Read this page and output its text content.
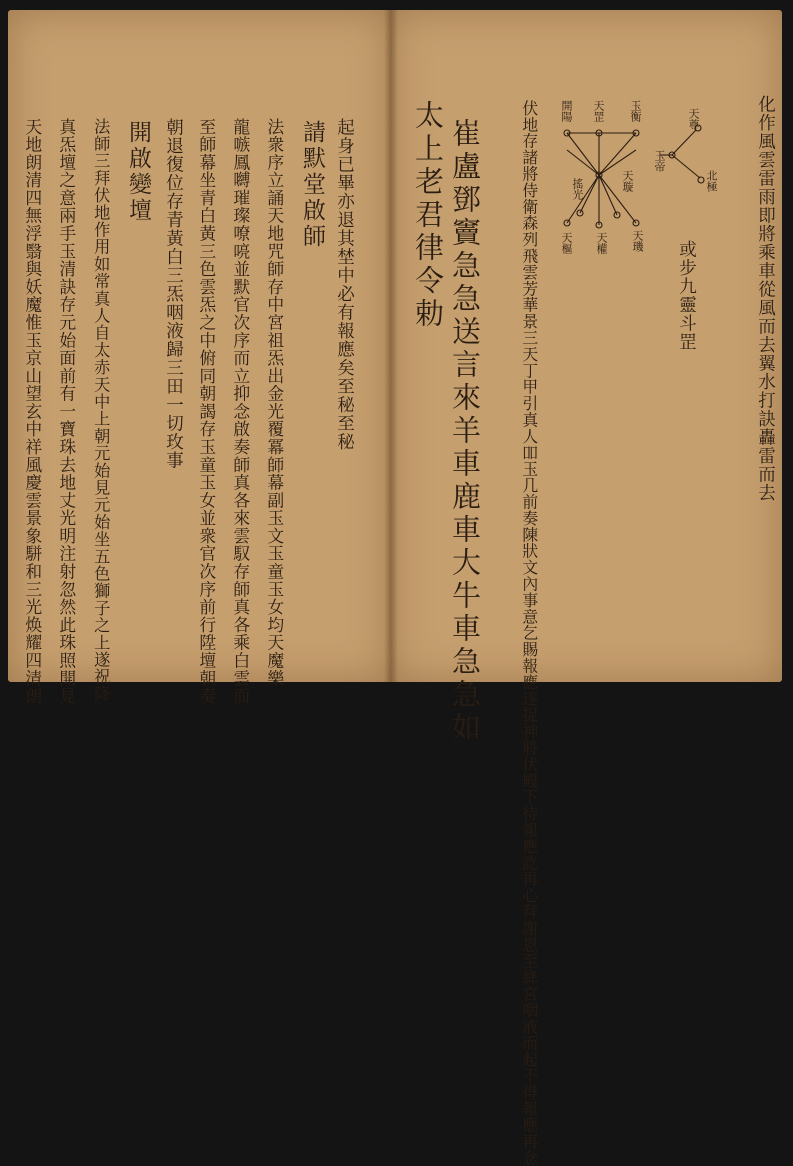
化作風雲雷雨即將乘車從風而去翼水打訣轟雷而去
天尊
玉帝
北極
開陽 天罡 玉衡
搖光	天璇
天樞 天權 天璣 或步九靈斗罡
伏地存諸將侍衛森列飛雲芳華景三天丁甲引真人吅玉几前奏陳狀文內事意乞賜報應遂捉神將伏殿下待報應訖再心拜謝恩至絳宮咽液而起不得報應再念
崔盧鄧竇急急送言來羊車鹿車大牛車急急如
太上老君律令勅
起身已畢亦退其埜中必有報應矣至秘至秘
請默堂啟師
法衆序立誦天地咒師存中宮祖炁出金光覆冪師幕副玉文玉童玉女均天魔樂
龍嗾鳳嚩璀璨嘹喨並默官次序而立抑念啟奏師真各來雲馭存師真各乘白雲而
至師幕坐青白黃三色雲炁之中俯同朝謁存玉童玉女並衆官次序前行陞壇朝奏
朝退復位存青黃白三炁咽液歸三田一切玫事
開啟變壇
法師三拜伏地作用如常真人自太赤天中上朝元始見元始坐五色獅子之上遂祝降
真炁壇之意兩手玉清訣存元始面前有一寶珠去地丈光明注射忽然此珠照開見
天地朗清四無浮翳與妖魔惟玉京山望玄中祥風慶雲景象駢和三光焕耀四清朗
